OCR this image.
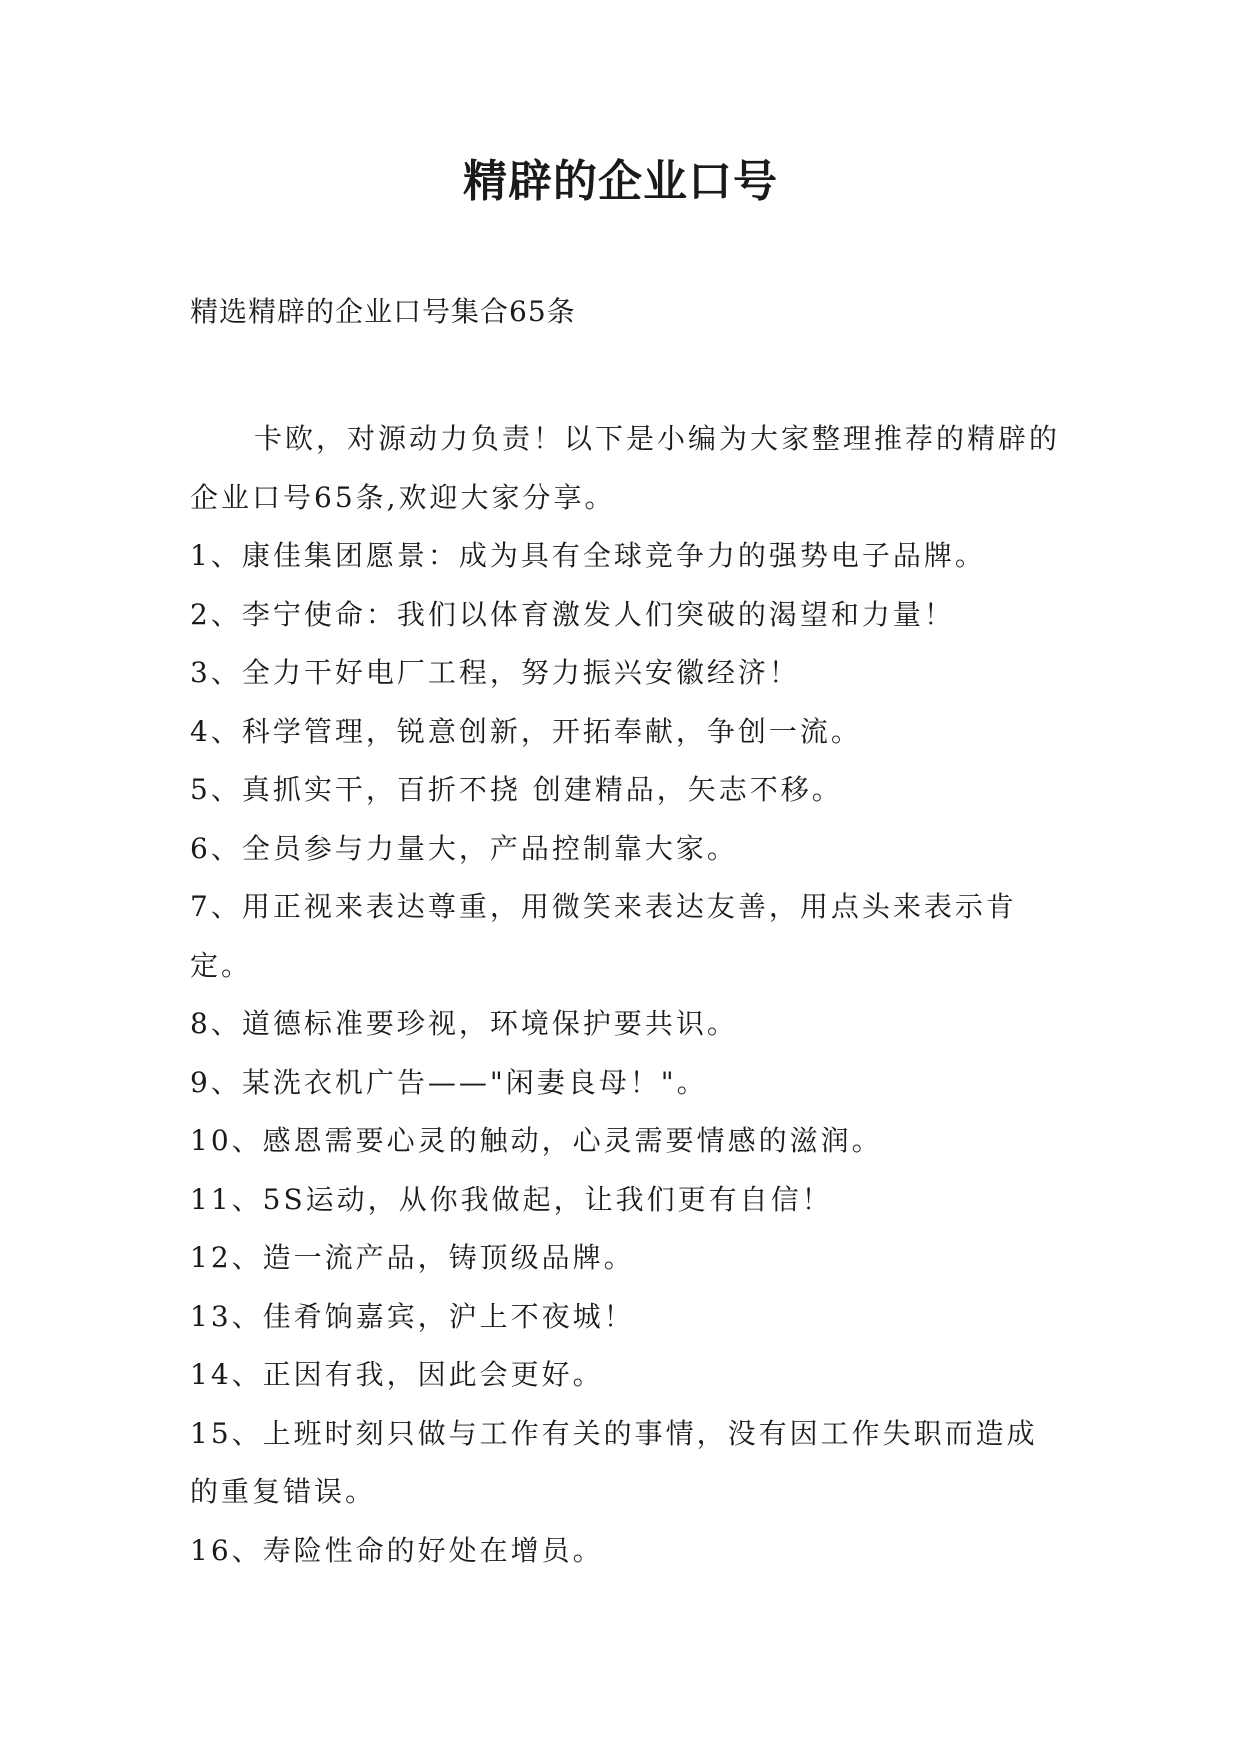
精辟的企业口号
精选精辟的企业口号集合65条

卡欧，对源动力负责！以下是小编为大家整理推荐的精辟的企业口号65条,欢迎大家分享。

1、康佳集团愿景：成为具有全球竞争力的强势电子品牌。

2、李宁使命：我们以体育激发人们突破的渴望和力量！

3、全力干好电厂工程，努力振兴安徽经济！

4、科学管理，锐意创新，开拓奉献，争创一流。

5、真抓实干，百折不挠 创建精品，矢志不移。

6、全员参与力量大，产品控制靠大家。

7、用正视来表达尊重，用微笑来表达友善，用点头来表示肯定。

8、道德标准要珍视，环境保护要共识。

9、某洗衣机广告——"闲妻良母！"。

10、感恩需要心灵的触动，心灵需要情感的滋润。

11、5S运动，从你我做起，让我们更有自信！

12、造一流产品，铸顶级品牌。

13、佳肴饷嘉宾，沪上不夜城！

14、正因有我，因此会更好。

15、上班时刻只做与工作有关的事情，没有因工作失职而造成的重复错误。

16、寿险性命的好处在增员。
